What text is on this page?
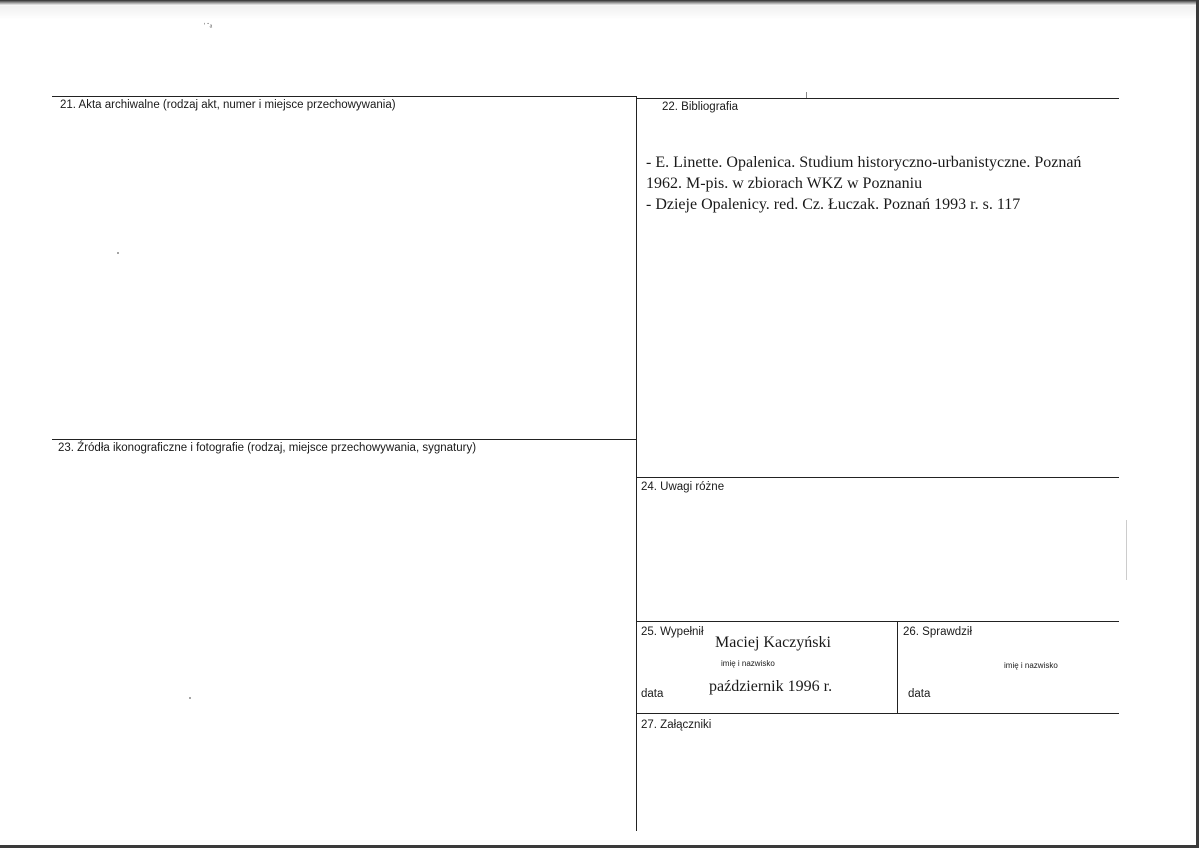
ˈ˙ᵃ
21. Akta archiwalne (rodzaj akt, numer i miejsce przechowywania)	22. Bibliografia
- E. Linette. Opalenica. Studium historyczno-urbanistyczne. Poznań
1962. M-pis. w zbiorach WKZ w Poznaniu
- Dzieje Opalenicy. red. Cz. Łuczak. Poznań 1993 r. s. 117
23. Źródła ikonograficzne i fotografie (rodzaj, miejsce przechowywania, sygnatury)
24. Uwagi różne
25. Wypełnił
Maciej Kaczyński
imię i nazwisko
data	październik 1996 r.
26. Sprawdził
imię i nazwisko
data
27. Załączniki
